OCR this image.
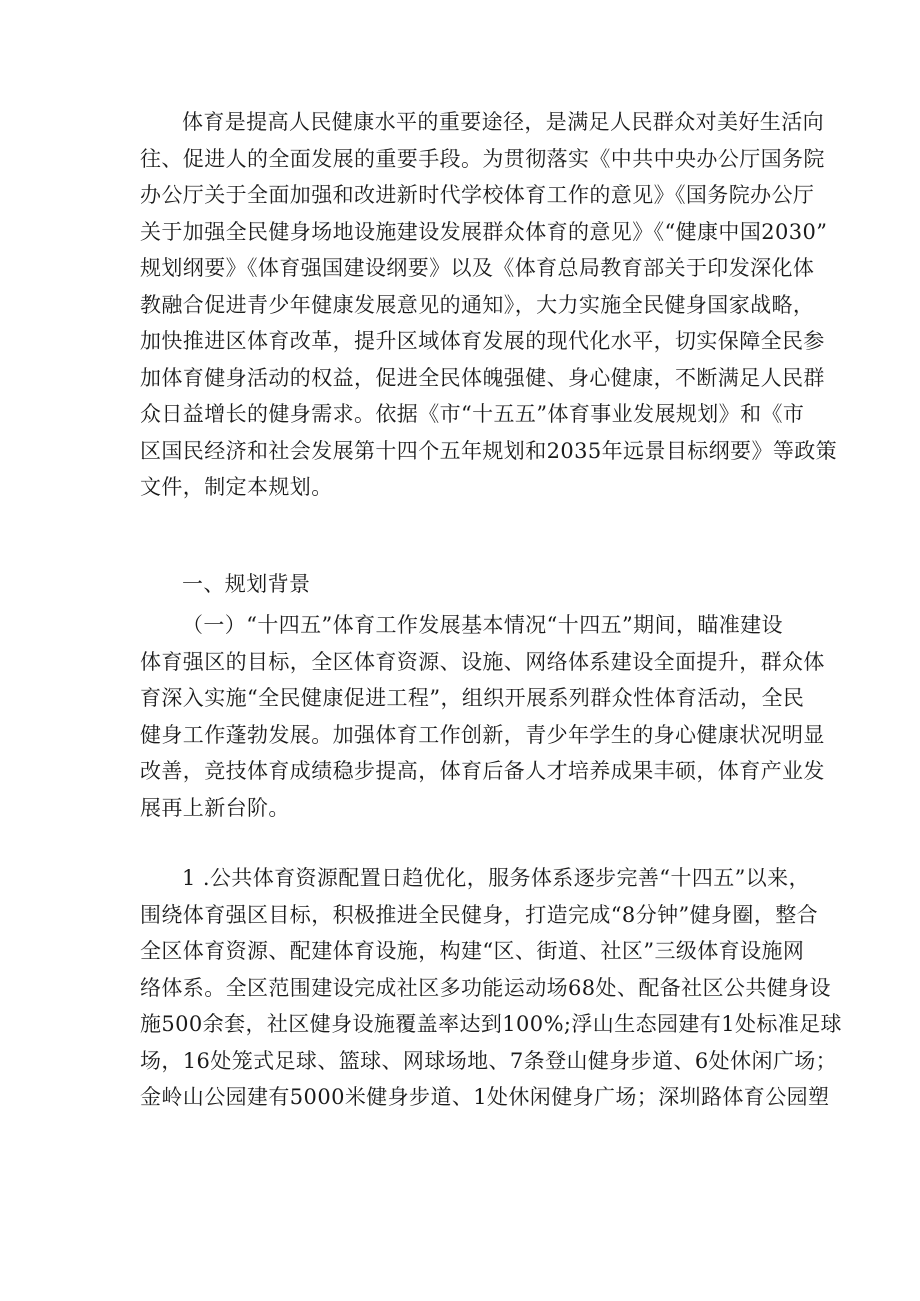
体育是提高人民健康水平的重要途径，是满足人民群众对美好生活向
往、促进人的全面发展的重要手段。为贯彻落实《中共中央办公厅国务院
办公厅关于全面加强和改进新时代学校体育工作的意见》《国务院办公厅
关于加强全民健身场地设施建设发展群众体育的意见》《“健康中国2030”
规划纲要》《体育强国建设纲要》以及《体育总局教育部关于印发深化体
教融合促进青少年健康发展意见的通知》，大力实施全民健身国家战略，
加快推进区体育改革，提升区域体育发展的现代化水平，切实保障全民参
加体育健身活动的权益，促进全民体魄强健、身心健康，不断满足人民群
众日益增长的健身需求。依据《市“十五五”体育事业发展规划》和《市
区国民经济和社会发展第十四个五年规划和2035年远景目标纲要》等政策
文件，制定本规划。
一、规划背景
（一）“十四五”体育工作发展基本情况“十四五”期间，瞄准建设
体育强区的目标，全区体育资源、设施、网络体系建设全面提升，群众体
育深入实施“全民健康促进工程”，组织开展系列群众性体育活动，全民
健身工作蓬勃发展。加强体育工作创新，青少年学生的身心健康状况明显
改善，竞技体育成绩稳步提高，体育后备人才培养成果丰硕，体育产业发
展再上新台阶。
1 .公共体育资源配置日趋优化，服务体系逐步完善“十四五”以来，
围绕体育强区目标，积极推进全民健身，打造完成“8分钟”健身圈，整合
全区体育资源、配建体育设施，构建“区、街道、社区”三级体育设施网
络体系。全区范围建设完成社区多功能运动场68处、配备社区公共健身设
施500余套，社区健身设施覆盖率达到100%;浮山生态园建有1处标准足球
场，16处笼式足球、篮球、网球场地、7条登山健身步道、6处休闲广场；
金岭山公园建有5000米健身步道、1处休闲健身广场；深圳路体育公园塑
